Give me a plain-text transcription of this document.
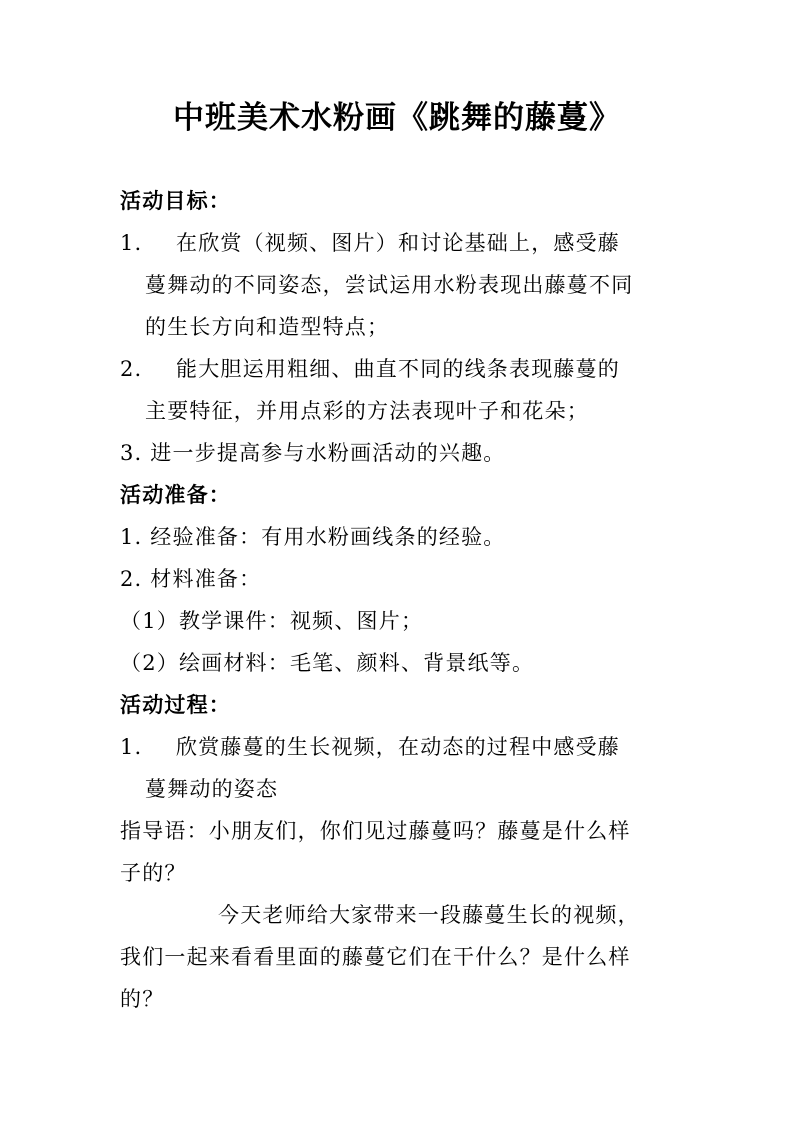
中班美术水粉画《跳舞的藤蔓》
活动目标：
1. 在欣赏（视频、图片）和讨论基础上，感受藤
蔓舞动的不同姿态，尝试运用水粉表现出藤蔓不同
的生长方向和造型特点；
2. 能大胆运用粗细、曲直不同的线条表现藤蔓的
主要特征，并用点彩的方法表现叶子和花朵；
3. 进一步提高参与水粉画活动的兴趣。
活动准备：
1. 经验准备：有用水粉画线条的经验。
2. 材料准备：
（1）教学课件：视频、图片；
（2）绘画材料：毛笔、颜料、背景纸等。
活动过程：
1. 欣赏藤蔓的生长视频，在动态的过程中感受藤
蔓舞动的姿态
指导语：小朋友们，你们见过藤蔓吗？藤蔓是什么样
子的？
今天老师给大家带来一段藤蔓生长的视频，
我们一起来看看里面的藤蔓它们在干什么？是什么样
的？
